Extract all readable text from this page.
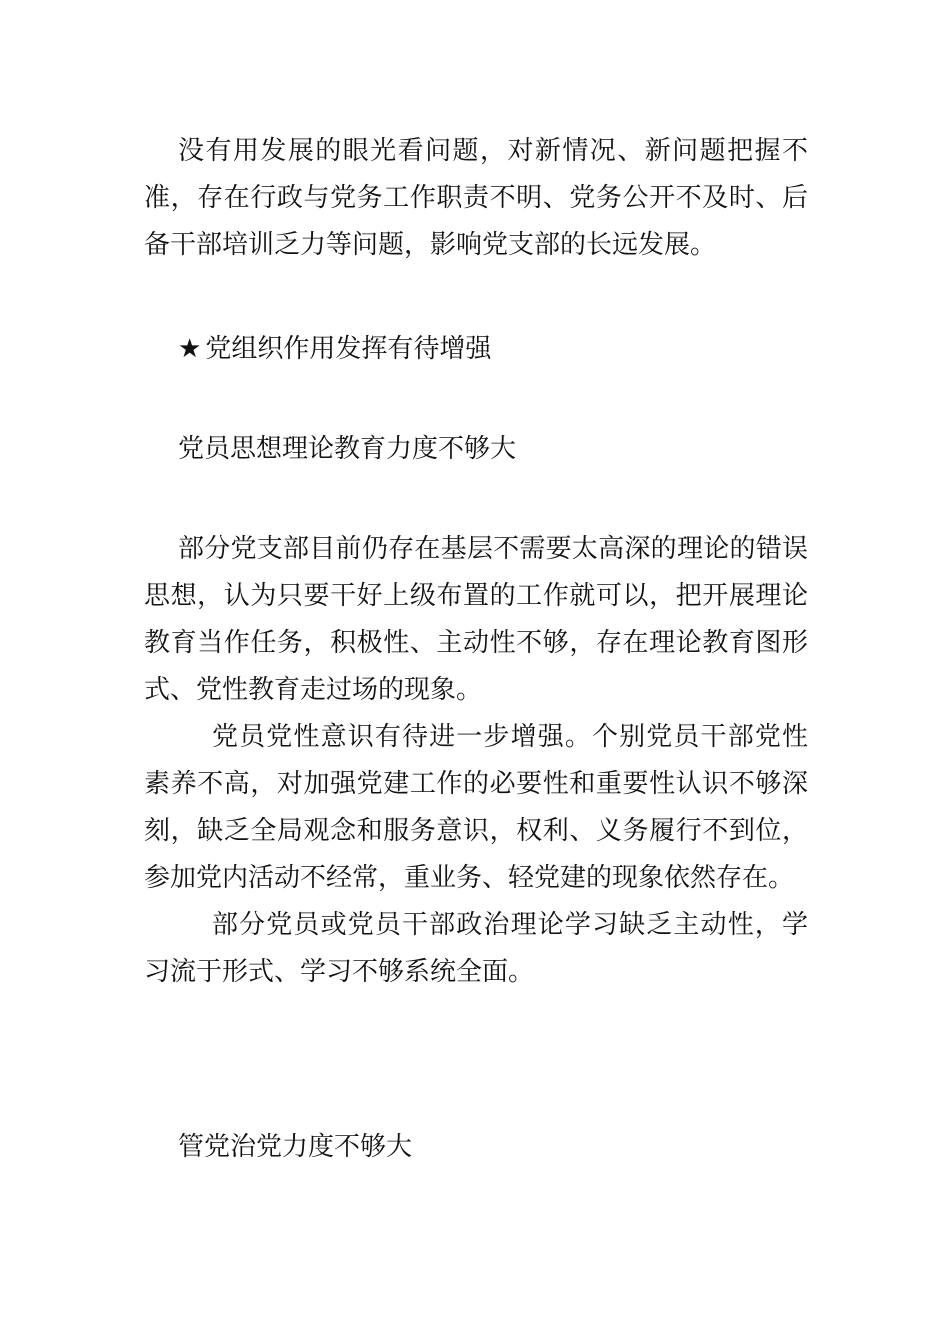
没有用发展的眼光看问题，对新情况、新问题把握不准，存在行政与党务工作职责不明、党务公开不及时、后备干部培训乏力等问题，影响党支部的长远发展。

★ 党组织作用发挥有待增强

党员思想理论教育力度不够大

部分党支部目前仍存在基层不需要太高深的理论的错误思想，认为只要干好上级布置的工作就可以，把开展理论教育当作任务，积极性、主动性不够，存在理论教育图形式、党性教育走过场的现象。

党员党性意识有待进一步增强。个别党员干部党性素养不高，对加强党建工作的必要性和重要性认识不够深刻，缺乏全局观念和服务意识，权利、义务履行不到位，参加党内活动不经常，重业务、轻党建的现象依然存在。

部分党员或党员干部政治理论学习缺乏主动性，学习流于形式、学习不够系统全面。

管党治党力度不够大
